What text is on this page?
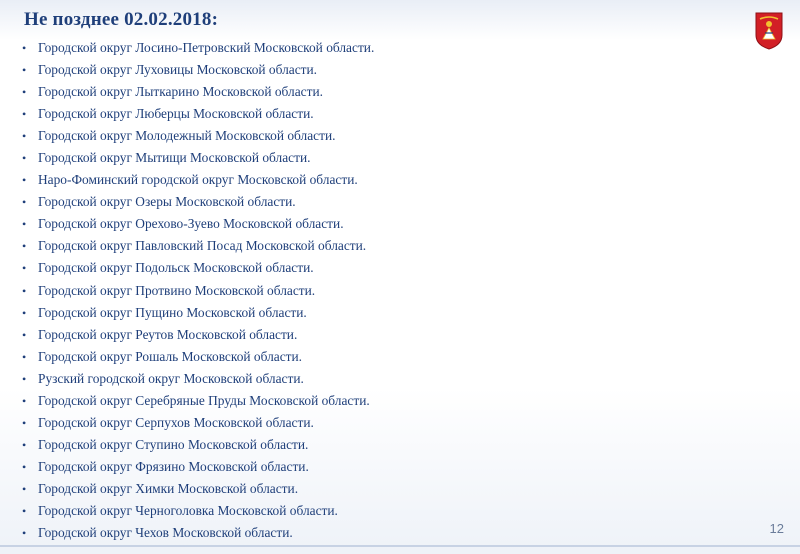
Не позднее 02.02.2018:
• Городской округ Лосино-Петровский Московской области.
• Городской округ Луховицы Московской области.
• Городской округ Лыткарино Московской области.
• Городской округ Люберцы Московской области.
• Городской округ Молодежный Московской области.
• Городской округ Мытищи Московской области.
• Наро-Фоминский городской округ Московской области.
• Городской округ Озеры Московской области.
• Городской округ Орехово-Зуево Московской области.
• Городской округ Павловский Посад Московской области.
• Городской округ Подольск Московской области.
• Городской округ Протвино Московской области.
• Городской округ Пущино Московской области.
• Городской округ Реутов Московской области.
• Городской округ Рошаль Московской области.
• Рузский городской округ Московской области.
• Городской округ Серебряные Пруды Московской области.
• Городской округ Серпухов Московской области.
• Городской округ Ступино Московской области.
• Городской округ Фрязино Московской области.
• Городской округ Химки Московской области.
• Городской округ Черноголовка Московской области.
• Городской округ Чехов Московской области.	12
